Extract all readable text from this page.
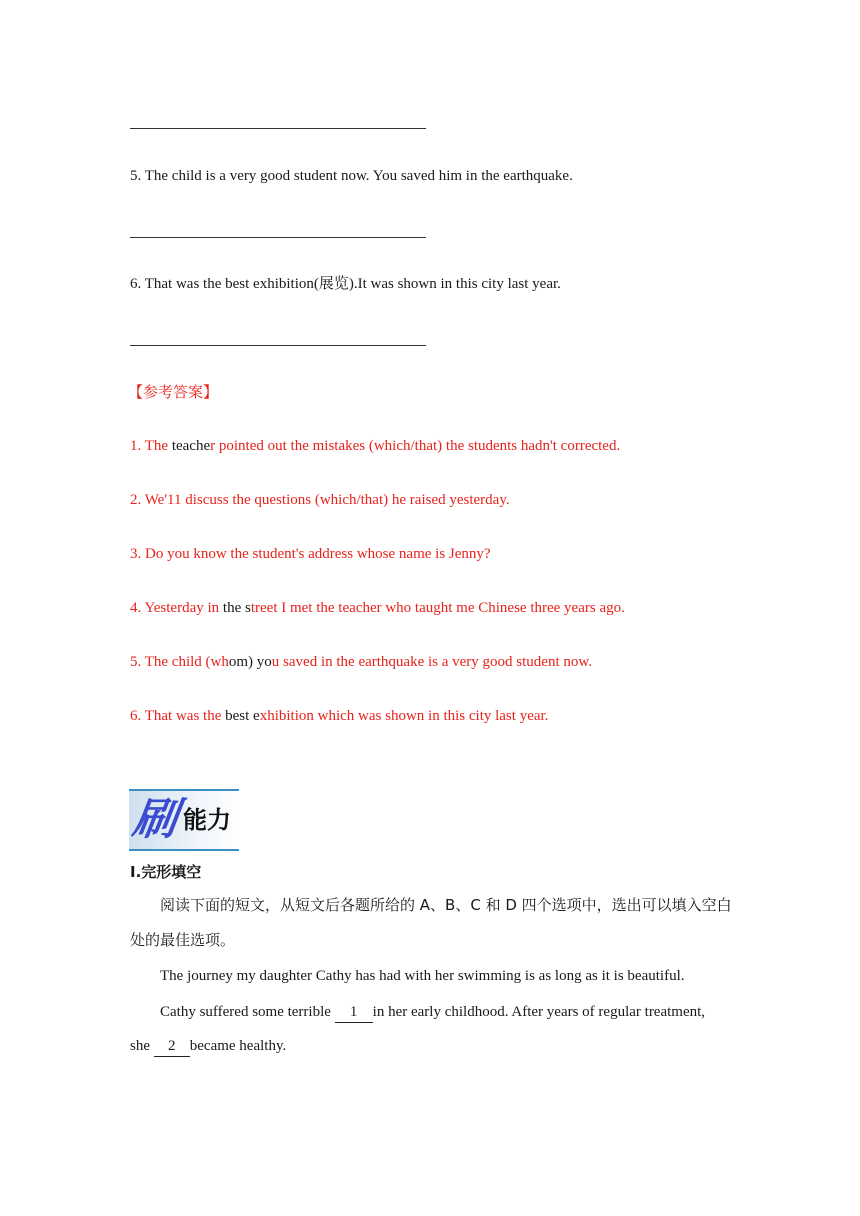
5. The child is a very good student now. You saved him in the earthquake.
6. That was the best exhibition(展览).It was shown in this city last year.
【参考答案】
1. The teacher pointed out the mistakes (which/that) the students hadn't corrected.
2. We'11 discuss the questions (which/that) he raised yesterday.
3. Do you know the student's address whose name is Jenny?
4. Yesterday in the street I met the teacher who taught me Chinese three years ago.
5. The child (whom) you saved in the earthquake is a very good student now.
6. That was the best exhibition which was shown in this city last year.
刷 能力
I.完形填空
阅读下面的短文，从短文后各题所给的 A、B、C 和 D 四个选项中，选出可以填入空白
处的最佳选项。
The journey my daughter Cathy has had with her swimming is as long as it is beautiful.
Cathy suffered some terrible 1 in her early childhood. After years of regular treatment,
she 2 became healthy.
